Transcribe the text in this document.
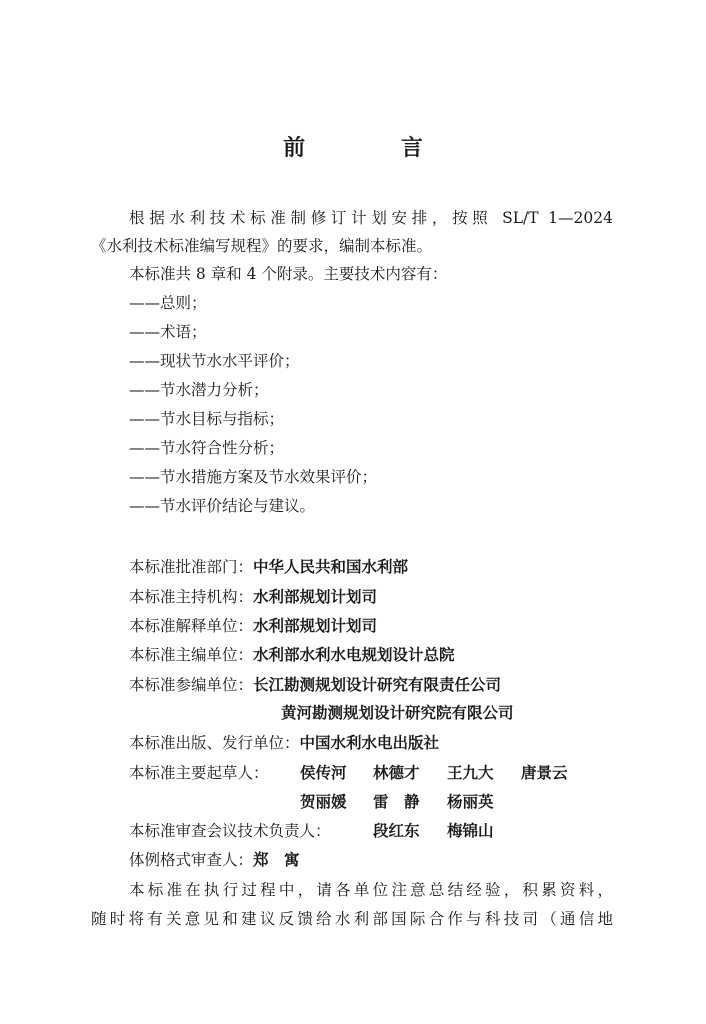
前 言
根据水利技术标准制修订计划安排，按照 SL/T 1—2024
《水利技术标准编写规程》的要求，编制本标准。
本标准共 8 章和 4 个附录。主要技术内容有：
——总则；
——术语；
——现状节水水平评价；
——节水潜力分析；
——节水目标与指标；
——节水符合性分析；
——节水措施方案及节水效果评价；
——节水评价结论与建议。
本标准批准部门：中华人民共和国水利部
本标准主持机构：水利部规划计划司
本标准解释单位：水利部规划计划司
本标准主编单位：水利部水利水电规划设计总院
本标准参编单位：长江勘测规划设计研究有限责任公司
黄河勘测规划设计研究院有限公司
本标准出版、发行单位：中国水利水电出版社
本标准主要起草人： 侯传河 林德才 王九大 唐景云
贺丽媛 雷　静 杨丽英
本标准审查会议技术负责人：	段红东 梅锦山
体例格式审查人：郑　寓
本标准在执行过程中，请各单位注意总结经验，积累资料，
随时将有关意见和建议反馈给水利部国际合作与科技司（通信地
